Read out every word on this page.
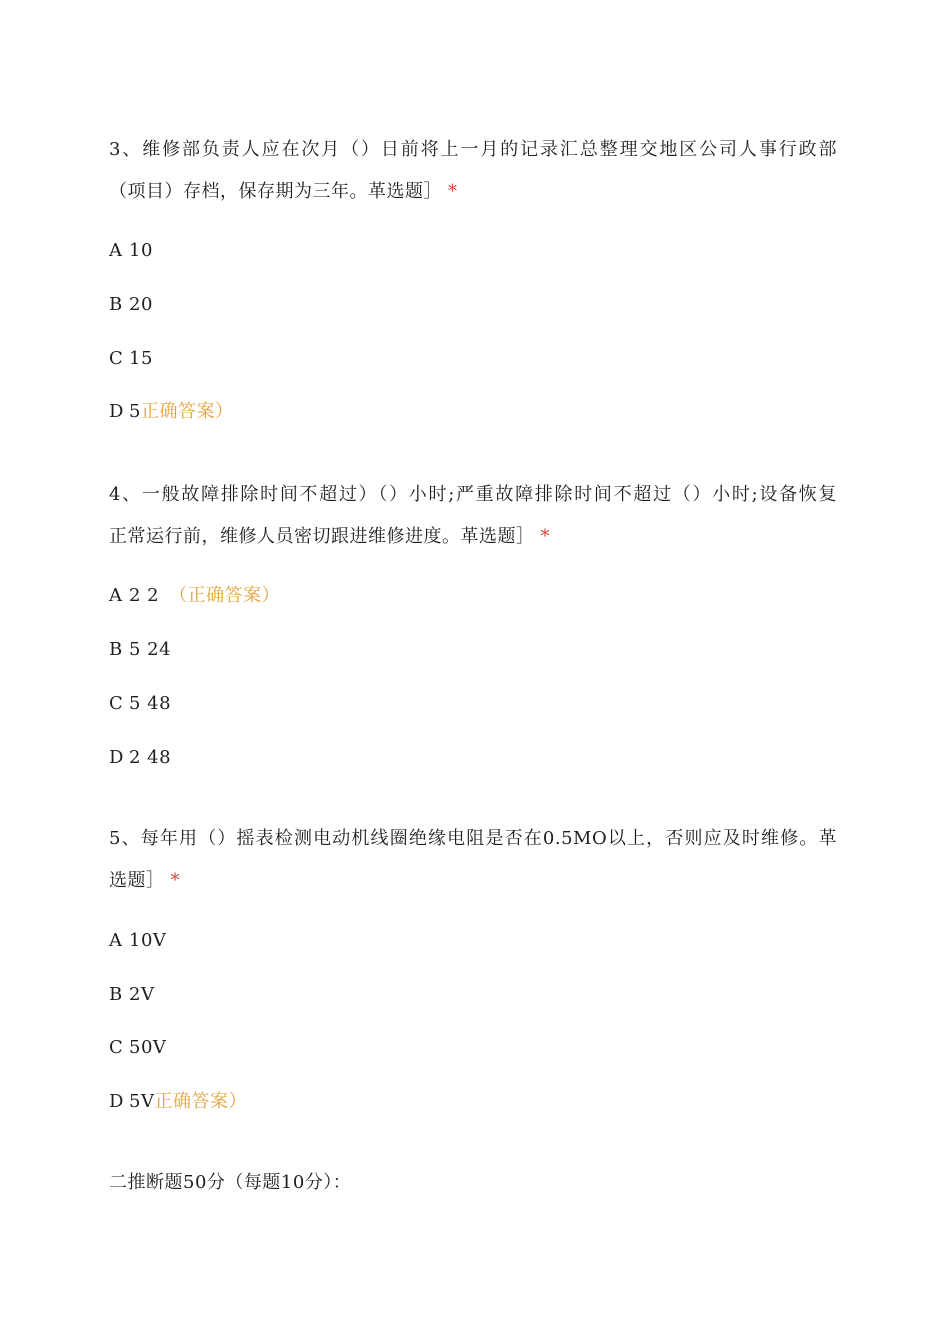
3、维修部负责人应在次月（）日前将上一月的记录汇总整理交地区公司人事行政部
（项目）存档，保存期为三年。革选题］ *
A 10
B 20
C 15
D 5正确答案）
4、一般故障排除时间不超过）（）小时;严重故障排除时间不超过（）小时;设备恢复
正常运行前，维修人员密切跟进维修进度。革选题］ *
A 2 2 （正确答案）
B 5 24
C 5 48
D 2 48
5、每年用（）摇表检测电动机线圈绝缘电阻是否在0.5MO以上，否则应及时维修。革
选题］ *
A 10V
B 2V
C 50V
D 5V正确答案）
二推断题50分（每题10分）：
